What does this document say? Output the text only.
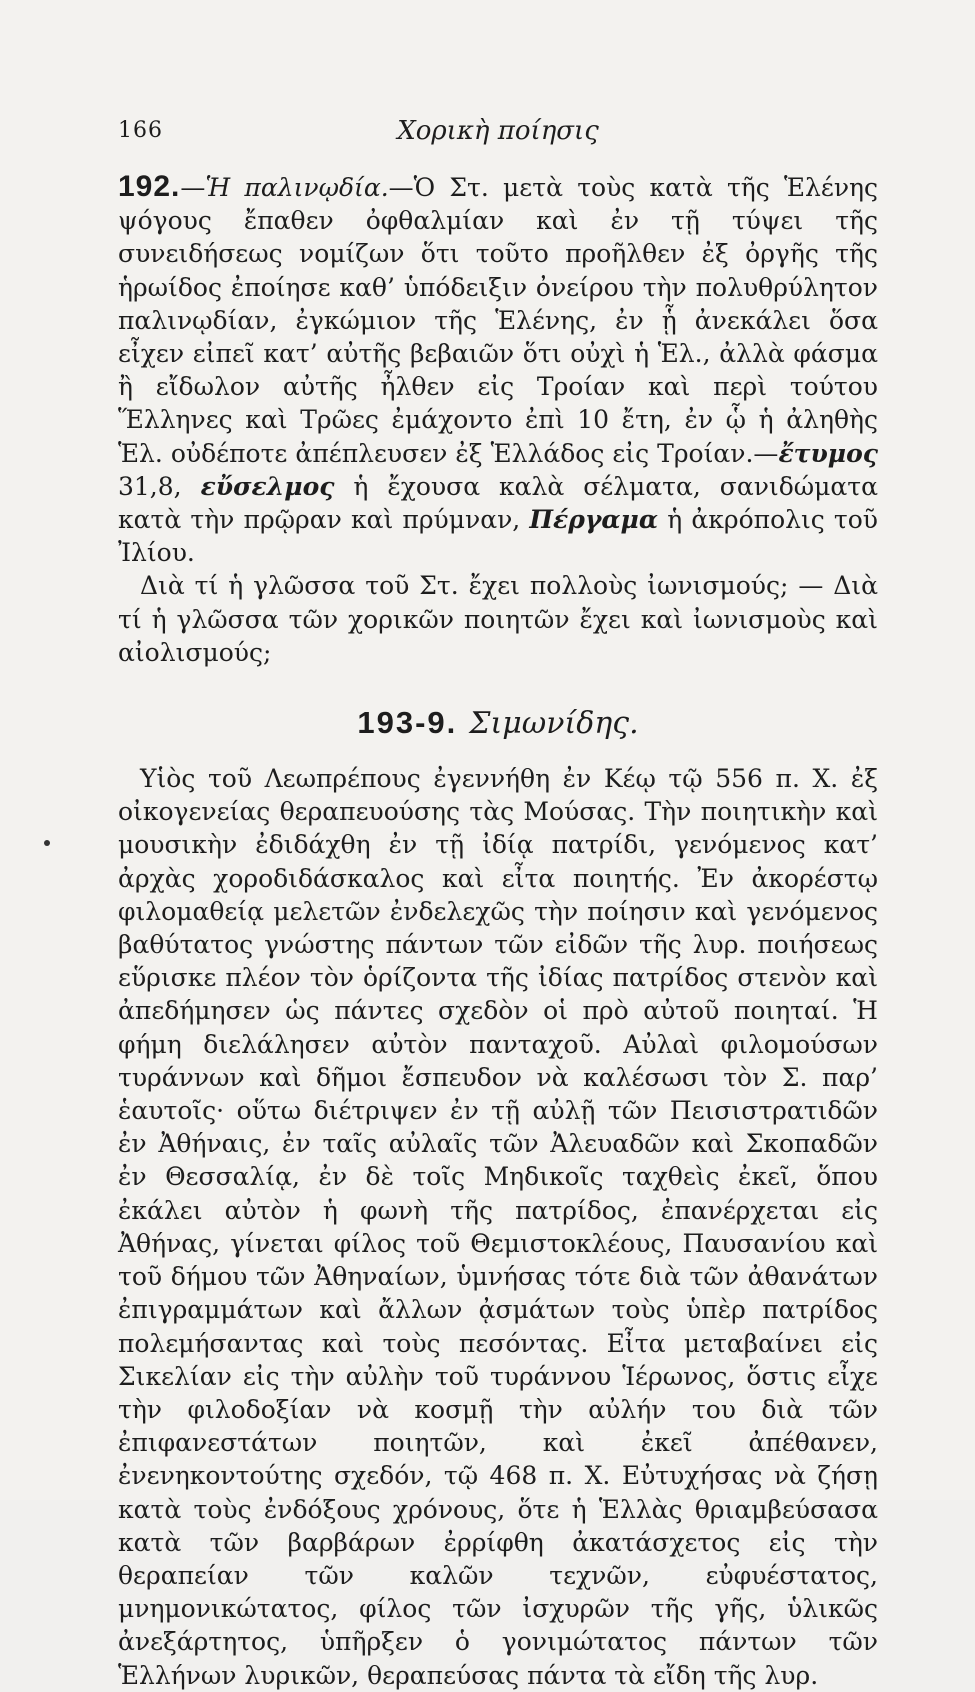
166	Χορικὴ ποίησις

192.—Ἡ παλινῳδία.—Ὁ Στ. μετὰ τοὺς κατὰ τῆς Ἑλένης ψόγους ἔπαθεν ὀφθαλμίαν καὶ ἐν τῇ τύψει τῆς συνειδήσεως νομίζων ὅτι τοῦτο προῆλθεν ἐξ ὀργῆς τῆς ἡρωίδος ἐποίησε καθ’ ὑπόδειξιν ὀνείρου τὴν πολυθρύλητον παλινῳδίαν, ἐγκώμιον τῆς Ἑλένης, ἐν ᾗ ἀνεκάλει ὅσα εἶχεν εἰπεῖ κατ’ αὐτῆς βεβαιῶν ὅτι οὐχὶ ἡ Ἑλ., ἀλλὰ φάσμα ἢ εἴδωλον αὐτῆς ἦλθεν εἰς Τροίαν καὶ περὶ τούτου Ἕλληνες καὶ Τρῶες ἐμάχοντο ἐπὶ 10 ἔτη, ἐν ᾧ ἡ ἀληθὴς Ἑλ. οὐδέποτε ἀπέπλευσεν ἐξ Ἑλλάδος εἰς Τροίαν.—ἔτυμος 31,8, εὔσελμος ἡ ἔχουσα καλὰ σέλματα, σανιδώματα κατὰ τὴν πρῷραν καὶ πρύμναν, Πέργαμα ἡ ἀκρόπολις τοῦ Ἰλίου.

Διὰ τί ἡ γλῶσσα τοῦ Στ. ἔχει πολλοὺς ἰωνισμούς; — Διὰ τί ἡ γλῶσσα τῶν χορικῶν ποιητῶν ἔχει καὶ ἰωνισμοὺς καὶ αἰολισμούς;

193-9. Σιμωνίδης.

Υἱὸς τοῦ Λεωπρέπους ἐγεννήθη ἐν Κέῳ τῷ 556 π. Χ. ἐξ οἰκογενείας θεραπευούσης τὰς Μούσας. Τὴν ποιητικὴν καὶ μουσικὴν ἐδιδάχθη ἐν τῇ ἰδίᾳ πατρίδι, γενόμενος κατ’ ἀρχὰς χοροδιδάσκαλος καὶ εἶτα ποιητής. Ἐν ἀκορέστῳ φιλομαθείᾳ μελετῶν ἐνδελεχῶς τὴν ποίησιν καὶ γενόμενος βαθύτατος γνώστης πάντων τῶν εἰδῶν τῆς λυρ. ποιήσεως εὕρισκε πλέον τὸν ὁρίζοντα τῆς ἰδίας πατρίδος στενὸν καὶ ἀπεδήμησεν ὡς πάντες σχεδὸν οἱ πρὸ αὐτοῦ ποιηταί. Ἡ φήμη διελάλησεν αὐτὸν πανταχοῦ. Αὐλαὶ φιλομούσων τυράννων καὶ δῆμοι ἔσπευδον νὰ καλέσωσι τὸν Σ. παρ’ ἑαυτοῖς· οὕτω διέτριψεν ἐν τῇ αὐλῇ τῶν Πεισιστρατιδῶν ἐν Ἀθήναις, ἐν ταῖς αὐλαῖς τῶν Ἀλευαδῶν καὶ Σκοπαδῶν ἐν Θεσσαλίᾳ, ἐν δὲ τοῖς Μηδικοῖς ταχθεὶς ἐκεῖ, ὅπου ἐκάλει αὐτὸν ἡ φωνὴ τῆς πατρίδος, ἐπανέρχεται εἰς Ἀθήνας, γίνεται φίλος τοῦ Θεμιστοκλέους, Παυσανίου καὶ τοῦ δήμου τῶν Ἀθηναίων, ὑμνήσας τότε διὰ τῶν ἀθανάτων ἐπιγραμμάτων καὶ ἄλλων ᾀσμάτων τοὺς ὑπὲρ πατρίδος πολεμήσαντας καὶ τοὺς πεσόντας. Εἶτα μεταβαίνει εἰς Σικελίαν εἰς τὴν αὐλὴν τοῦ τυράννου Ἱέρωνος, ὅστις εἶχε τὴν φιλοδοξίαν νὰ κοσμῇ τὴν αὐλήν του διὰ τῶν ἐπιφανεστάτων ποιητῶν, καὶ ἐκεῖ ἀπέθανεν, ἐνενηκοντούτης σχεδόν, τῷ 468 π. Χ. Εὐτυχήσας νὰ ζήσῃ κατὰ τοὺς ἐνδόξους χρόνους, ὅτε ἡ Ἑλλὰς θριαμβεύσασα κατὰ τῶν βαρβάρων ἐρρίφθη ἀκατάσχετος εἰς τὴν θεραπείαν τῶν καλῶν τεχνῶν, εὐφυέστατος, μνημονικώτατος, φίλος τῶν ἰσχυρῶν τῆς γῆς, ὑλικῶς ἀνεξάρτητος, ὑπῆρξεν ὁ γονιμώτατος πάντων τῶν Ἑλλήνων λυρικῶν, θεραπεύσας πάντα τὰ εἴδη τῆς λυρ.
